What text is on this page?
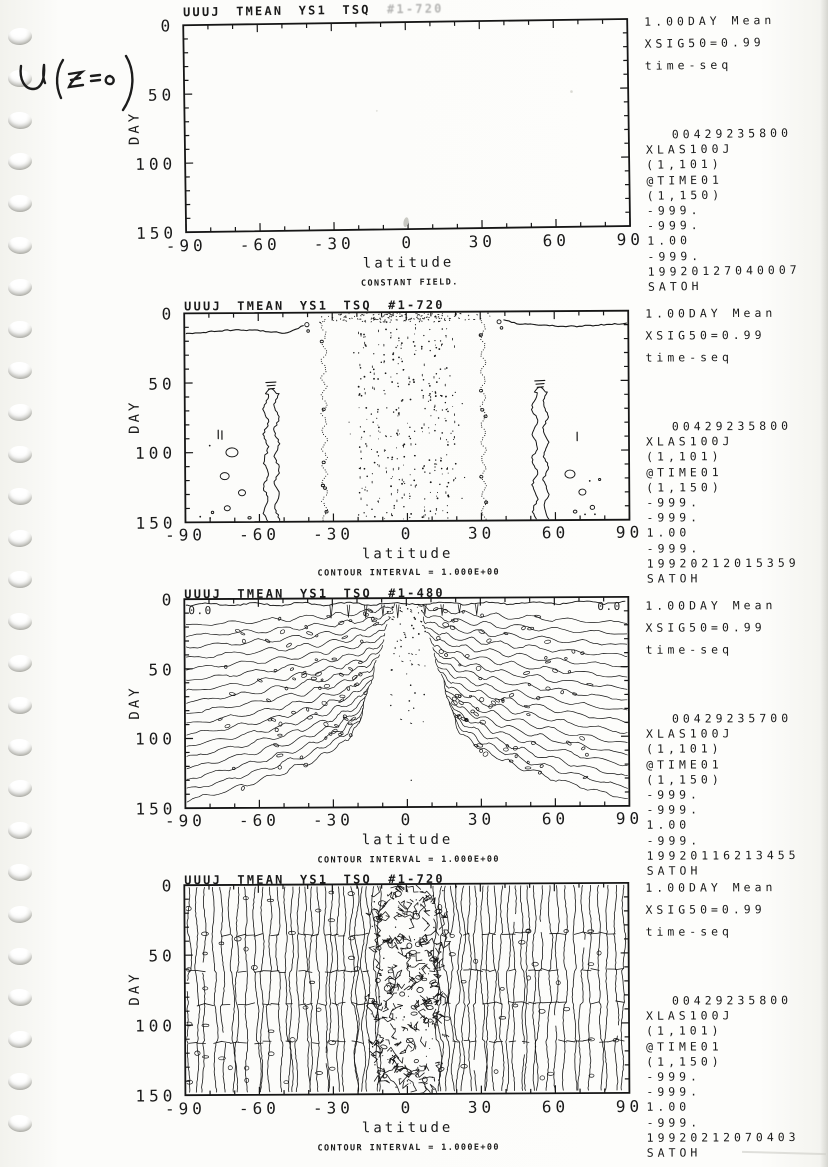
UUUJ TMEAN YS1 TSQ #1-720
DAY
0
50
100
150
-90	-60	-30	0	30	60	90
latitude
CONSTANT FIELD.
1.00DAY Mean
XSIG50=0.99
time-seq
00429235800
XLAS100J
(1,101)
@TIME01
(1,150)
-999.
-999.
1.00
-999.
19920127040007
SATOH
UUUJ TMEAN YS1 TSQ #1-720
DAY
0
50
100
150
-90	-60	-30	0	30	60	90
latitude
CONTOUR INTERVAL = 1.000E+00
1.00DAY Mean
XSIG50=0.99
time-seq
00429235800
XLAS100J
(1,101)
@TIME01
(1,150)
-999.
-999.
1.00
-999.
19920212015359
SATOH
UUUJ TMEAN YS1 TSQ #1-480
DAY
0
50
100
150
-90	-60	-30	0	30	60	90
latitude
CONTOUR INTERVAL = 1.000E+00
1.00DAY Mean
XSIG50=0.99
time-seq
00429235700
XLAS100J
(1,101)
@TIME01
(1,150)
-999.
-999.
1.00
-999.
19920116213455
SATOH
0.0	0.0
UUUJ TMEAN YS1 TSQ #1-720
DAY
0
50
100
150
-90	-60	-30	0	30	60	90
latitude
CONTOUR INTERVAL = 1.000E+00
1.00DAY Mean
XSIG50=0.99
time-seq
00429235800
XLAS100J
(1,101)
@TIME01
(1,150)
-999.
-999.
1.00
-999.
19920212070403
SATOH
